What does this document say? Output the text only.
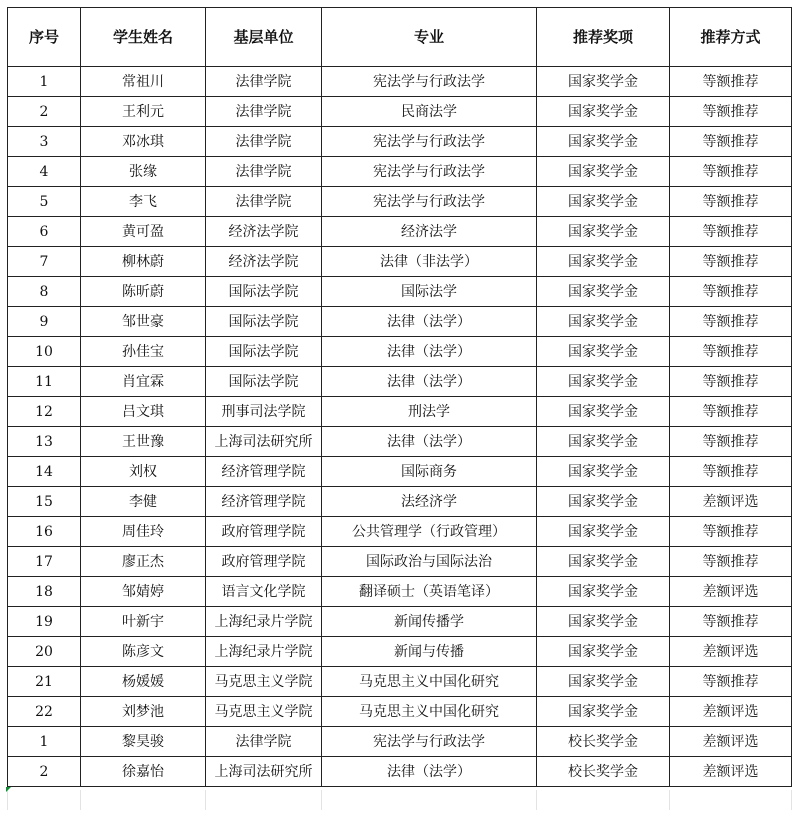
序号	学生姓名	基层单位	专业	推荐奖项	推荐方式
1	常祖川	法律学院	宪法学与行政法学	国家奖学金	等额推荐
2	王利元	法律学院	民商法学	国家奖学金	等额推荐
3	邓冰琪	法律学院	宪法学与行政法学	国家奖学金	等额推荐
4	张缘	法律学院	宪法学与行政法学	国家奖学金	等额推荐
5	李飞	法律学院	宪法学与行政法学	国家奖学金	等额推荐
6	黄可盈	经济法学院	经济法学	国家奖学金	等额推荐
7	柳林蔚	经济法学院	法律（非法学）	国家奖学金	等额推荐
8	陈昕蔚	国际法学院	国际法学	国家奖学金	等额推荐
9	邹世豪	国际法学院	法律（法学）	国家奖学金	等额推荐
10	孙佳宝	国际法学院	法律（法学）	国家奖学金	等额推荐
11	肖宜霖	国际法学院	法律（法学）	国家奖学金	等额推荐
12	吕文琪	刑事司法学院	刑法学	国家奖学金	等额推荐
13	王世豫	上海司法研究所	法律（法学）	国家奖学金	等额推荐
14	刘权	经济管理学院	国际商务	国家奖学金	等额推荐
15	李健	经济管理学院	法经济学	国家奖学金	差额评选
16	周佳玲	政府管理学院	公共管理学（行政管理）	国家奖学金	等额推荐
17	廖正杰	政府管理学院	国际政治与国际法治	国家奖学金	等额推荐
18	邹婧婷	语言文化学院	翻译硕士（英语笔译）	国家奖学金	差额评选
19	叶新宇	上海纪录片学院	新闻传播学	国家奖学金	等额推荐
20	陈彦文	上海纪录片学院	新闻与传播	国家奖学金	差额评选
21	杨媛媛	马克思主义学院	马克思主义中国化研究	国家奖学金	等额推荐
22	刘梦池	马克思主义学院	马克思主义中国化研究	国家奖学金	差额评选
1	黎昊骏	法律学院	宪法学与行政法学	校长奖学金	差额评选
2	徐嘉怡	上海司法研究所	法律（法学）	校长奖学金	差额评选
